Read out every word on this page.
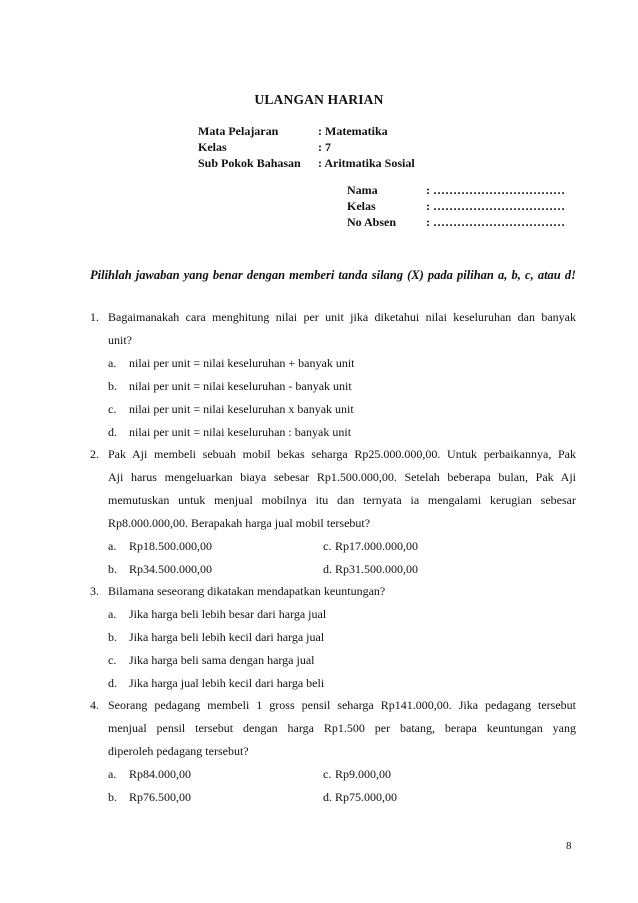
ULANGAN HARIAN
Mata Pelajaran	: Matematika
Kelas	: 7
Sub Pokok Bahasan : Aritmatika Sosial
Nama	: ……………………………
Kelas	: ……………………………
No Absen : ……………………………
Pilihlah jawaban yang benar dengan memberi tanda silang (X) pada pilihan a, b, c, atau d!
1. Bagaimanakah cara menghitung nilai per unit jika diketahui nilai keseluruhan dan banyak
unit?
a. nilai per unit = nilai keseluruhan + banyak unit
b. nilai per unit = nilai keseluruhan - banyak unit
c. nilai per unit = nilai keseluruhan x banyak unit
d. nilai per unit = nilai keseluruhan : banyak unit
2. Pak Aji membeli sebuah mobil bekas seharga Rp25.000.000,00. Untuk perbaikannya, Pak
Aji harus mengeluarkan biaya sebesar Rp1.500.000,00. Setelah beberapa bulan, Pak Aji
memutuskan untuk menjual mobilnya itu dan ternyata ia mengalami kerugian sebesar
Rp8.000.000,00. Berapakah harga jual mobil tersebut?
a. Rp18.500.000,00	c. Rp17.000.000,00
b. Rp34.500.000,00	d. Rp31.500.000,00
3. Bilamana seseorang dikatakan mendapatkan keuntungan?
a. Jika harga beli lebih besar dari harga jual
b. Jika harga beli lebih kecil dari harga jual
c. Jika harga beli sama dengan harga jual
d. Jika harga jual lebih kecil dari harga beli
4. Seorang pedagang membeli 1 gross pensil seharga Rp141.000,00. Jika pedagang tersebut
menjual pensil tersebut dengan harga Rp1.500 per batang, berapa keuntungan yang
diperoleh pedagang tersebut?
a. Rp84.000,00	c. Rp9.000,00
b. Rp76.500,00	d. Rp75.000,00
8
